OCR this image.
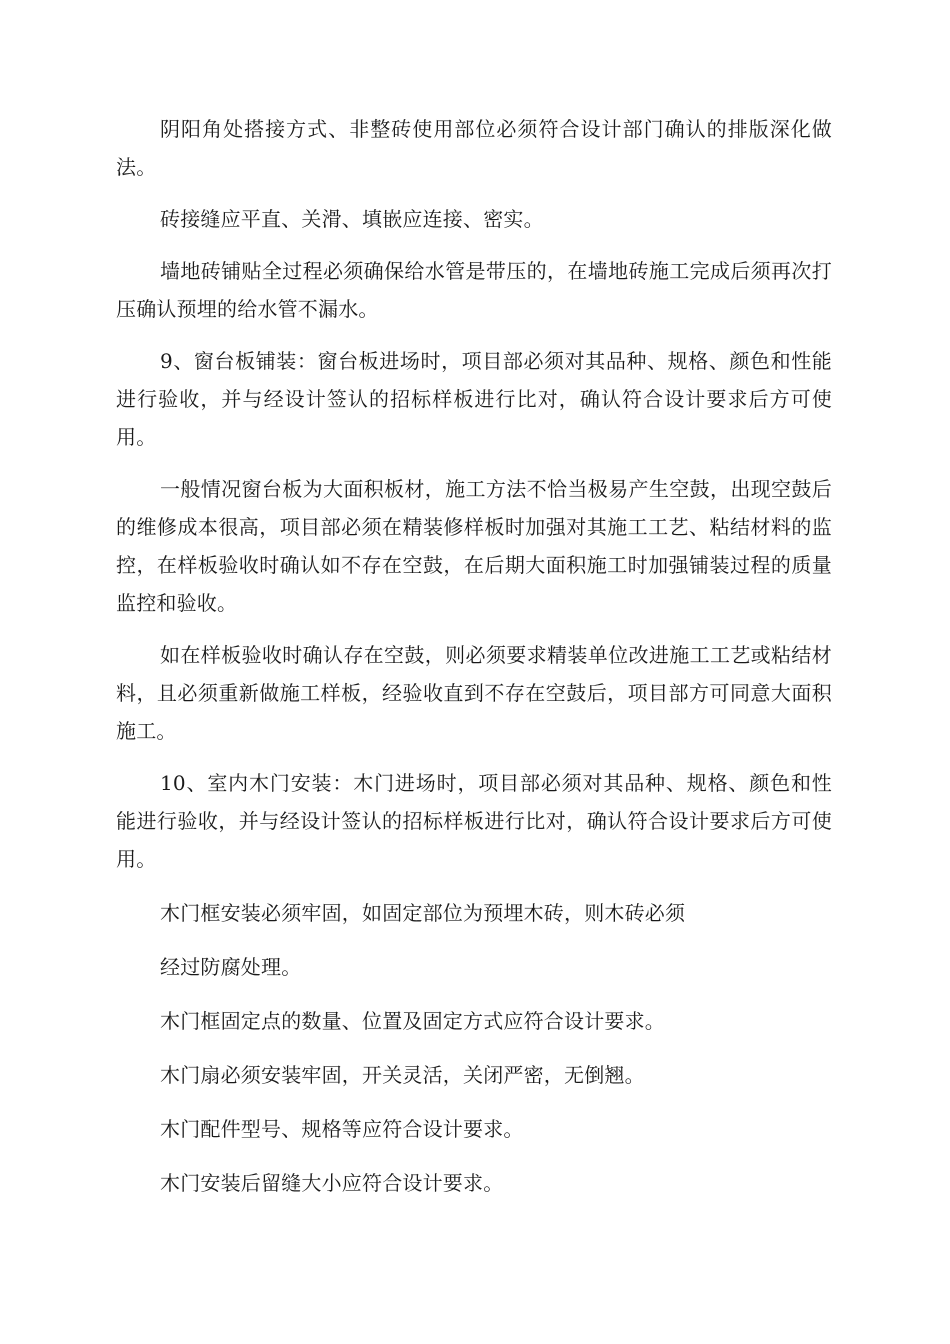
阴阳角处搭接方式、非整砖使用部位必须符合设计部门确认的排版深化做法。

砖接缝应平直、关滑、填嵌应连接、密实。

墙地砖铺贴全过程必须确保给水管是带压的，在墙地砖施工完成后须再次打压确认预埋的给水管不漏水。

9、窗台板铺装：窗台板进场时，项目部必须对其品种、规格、颜色和性能进行验收，并与经设计签认的招标样板进行比对，确认符合设计要求后方可使用。

一般情况窗台板为大面积板材，施工方法不恰当极易产生空鼓，出现空鼓后的维修成本很高，项目部必须在精装修样板时加强对其施工工艺、粘结材料的监控，在样板验收时确认如不存在空鼓，在后期大面积施工时加强铺装过程的质量监控和验收。

如在样板验收时确认存在空鼓，则必须要求精装单位改进施工工艺或粘结材料，且必须重新做施工样板，经验收直到不存在空鼓后，项目部方可同意大面积施工。

10、室内木门安装：木门进场时，项目部必须对其品种、规格、颜色和性能进行验收，并与经设计签认的招标样板进行比对，确认符合设计要求后方可使用。

木门框安装必须牢固，如固定部位为预埋木砖，则木砖必须

经过防腐处理。

木门框固定点的数量、位置及固定方式应符合设计要求。

木门扇必须安装牢固，开关灵活，关闭严密，无倒翘。

木门配件型号、规格等应符合设计要求。

木门安装后留缝大小应符合设计要求。
